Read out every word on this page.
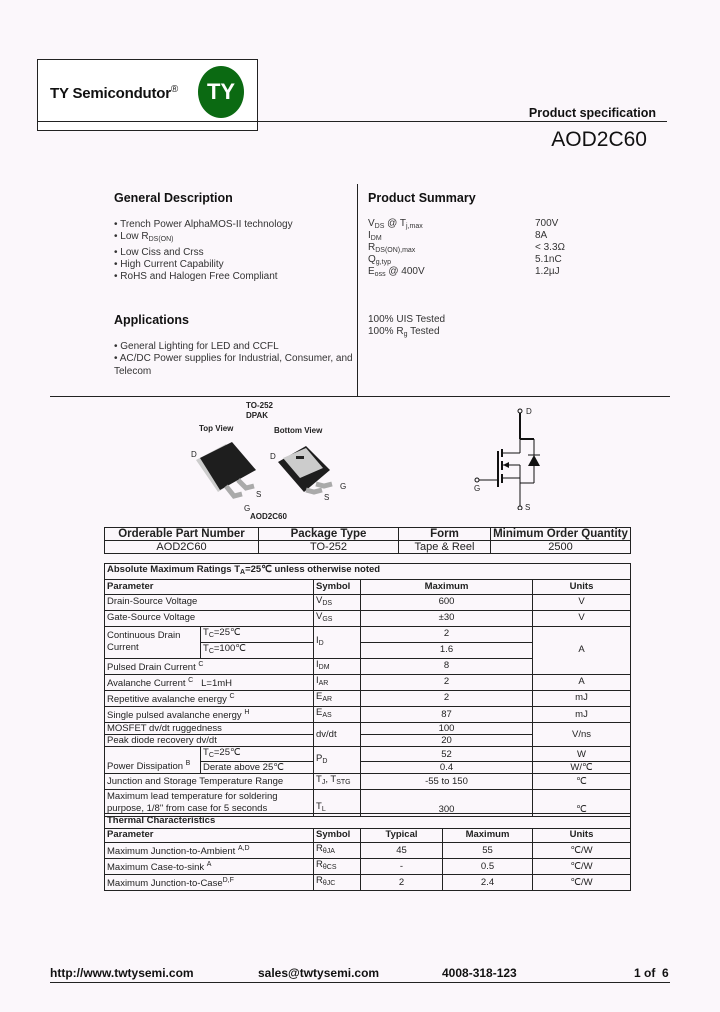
TY Semicondutor®	TY
Product specification
AOD2C60
General Description
• Trench Power AlphaMOS-II technology
• Low $R_{DS(ON)}$
• Low Ciss and Crss
• High Current Capability
• RoHS and Halogen Free Compliant
Applications
• General Lighting for LED and CCFL
• AC/DC Power supplies for Industrial, Consumer, and Telecom
Product Summary
$V_{DS}$ @ $T_{j,max}$	700V
$I_{DM}$	8A
$R_{DS(ON),max}$	< 3.3Ω
$Q_{g,typ}$	5.1nC
$E_{oss}$ @ 400V	1.2µJ
100% UIS Tested
100% $R_g$ Tested
TO-252
DPAK
Top View	Bottom View
AOD2C60
D	D
S
G
G
S
D
G
S
Orderable Part Number	Package Type	Form	Minimum Order Quantity
AOD2C60	TO-252	Tape & Reel	2500
Absolute Maximum Ratings $T_A=25℃$ unless otherwise noted				
Parameter		Symbol	Maximum	Units
Drain-Source Voltage		$V_{DS}$	600	V
Gate-Source Voltage		$V_{GS}$	±30	V
Continuous Drain Current	$T_C=25℃$	$I_D$	2	A
	$T_C=100℃$		1.6	
Pulsed Drain Current $^C$		$I_{DM}$	8	
Avalanche Current $^C$   L=1mH		$I_{AR}$	2	A
Repetitive avalanche energy $^C$		$E_{AR}$	2	mJ
Single pulsed avalanche energy $^H$		$E_{AS}$	87	mJ
MOSFET dv/dt ruggedness		dv/dt	100	V/ns
Peak diode recovery dv/dt			20	
Power Dissipation $^B$	$T_C=25℃$	$P_D$	52	W
	Derate above 25℃		0.4	W/℃
Junction and Storage Temperature Range		$T_J$, $T_{STG}$	-55 to 150	℃
Maximum lead temperature for soldering purpose, 1/8" from case for 5 seconds		$T_L$	300	℃
Thermal Characteristics				
Parameter	Symbol	Typical	Maximum	Units
Maximum Junction-to-Ambient $^{A,D}$	$R_{\theta JA}$	45	55	℃/W
Maximum Case-to-sink $^A$	$R_{\theta CS}$	-	0.5	℃/W
Maximum Junction-to-Case$^{D,F}$	$R_{\theta JC}$	2	2.4	℃/W
http://www.twtysemi.com	sales@twtysemi.com	4008-318-123	1 of  6
